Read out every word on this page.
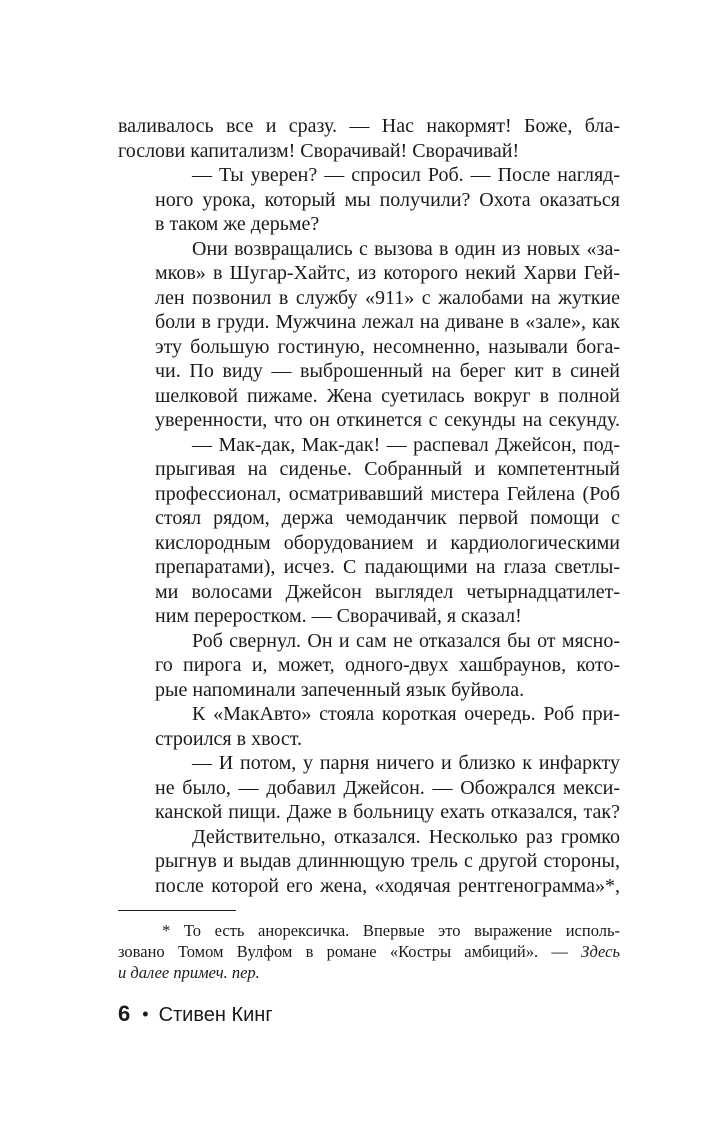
валивалось все и сразу. — Нас накормят! Боже, бла-
гослови капитализм! Сворачивай! Сворачивай!

— Ты уверен? — спросил Роб. — После нагляд-
ного урока, который мы получили? Охота оказаться
в таком же дерьме?

Они возвращались с вызова в один из новых «за-
мков» в Шугар-Хайтс, из которого некий Харви Гей-
лен позвонил в службу «911» с жалобами на жуткие
боли в груди. Мужчина лежал на диване в «зале», как
эту большую гостиную, несомненно, называли бога-
чи. По виду — выброшенный на берег кит в синей
шелковой пижаме. Жена суетилась вокруг в полной
уверенности, что он откинется с секунды на секунду.

— Мак-дак, Мак-дак! — распевал Джейсон, под-
прыгивая на сиденье. Собранный и компетентный
профессионал, осматривавший мистера Гейлена (Роб
стоял рядом, держа чемоданчик первой помощи с
кислородным оборудованием и кардиологическими
препаратами), исчез. С падающими на глаза светлы-
ми волосами Джейсон выглядел четырнадцатилет-
ним переростком. — Сворачивай, я сказал!

Роб свернул. Он и сам не отказался бы от мясно-
го пирога и, может, одного-двух хашбраунов, кото-
рые напоминали запеченный язык буйвола.

К «МакАвто» стояла короткая очередь. Роб при-
строился в хвост.

— И потом, у парня ничего и близко к инфаркту
не было, — добавил Джейсон. — Обожрался мекси-
канской пищи. Даже в больницу ехать отказался, так?

Действительно, отказался. Несколько раз громко
рыгнув и выдав длиннющую трель с другой стороны,
после которой его жена, «ходячая рентгенограмма»*,

* То есть анорексичка. Впервые это выражение исполь-
зовано Томом Вулфом в романе «Костры амбиций». — Здесь
и далее примеч. пер.
6 • Стивен Кинг
